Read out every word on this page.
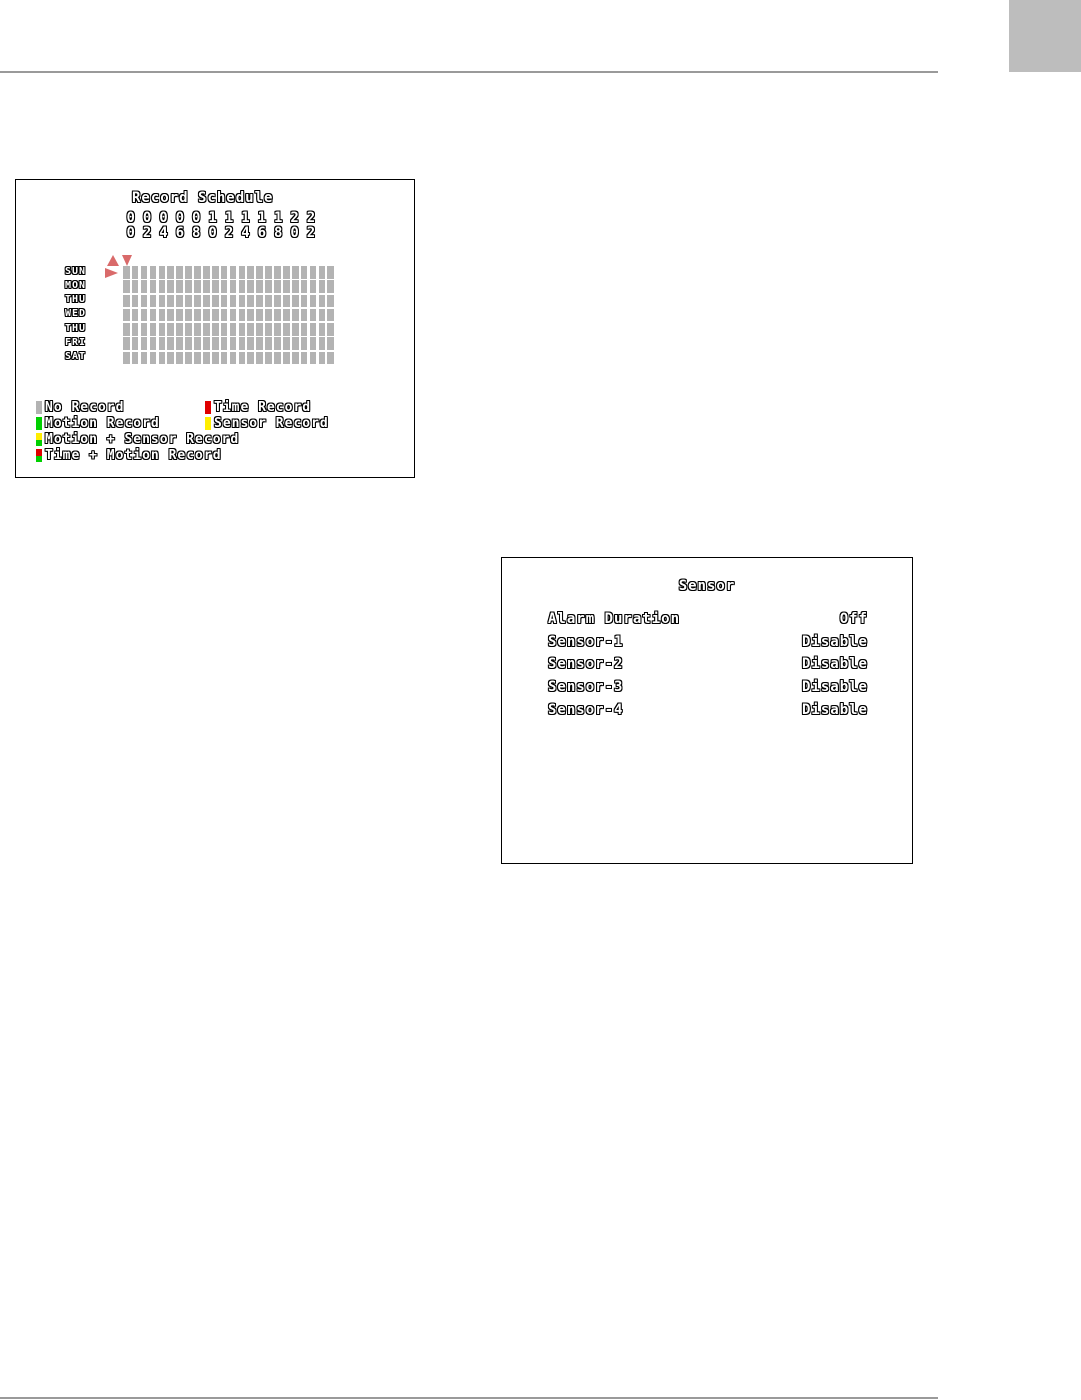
Record Schedule
0 0 0 0 0 1 1 1 1 1 2 2
0 2 4 6 8 0 2 4 6 8 0 2
SUN
MON
THU
WED
THU
FRI
SAT
No Record	Time Record
Motion Record	Sensor Record
Motion + Sensor Record
Time + Motion Record
Sensor
Alarm Duration	Off
Sensor-1	Disable
Sensor-2	Disable
Sensor-3	Disable
Sensor-4	Disable
